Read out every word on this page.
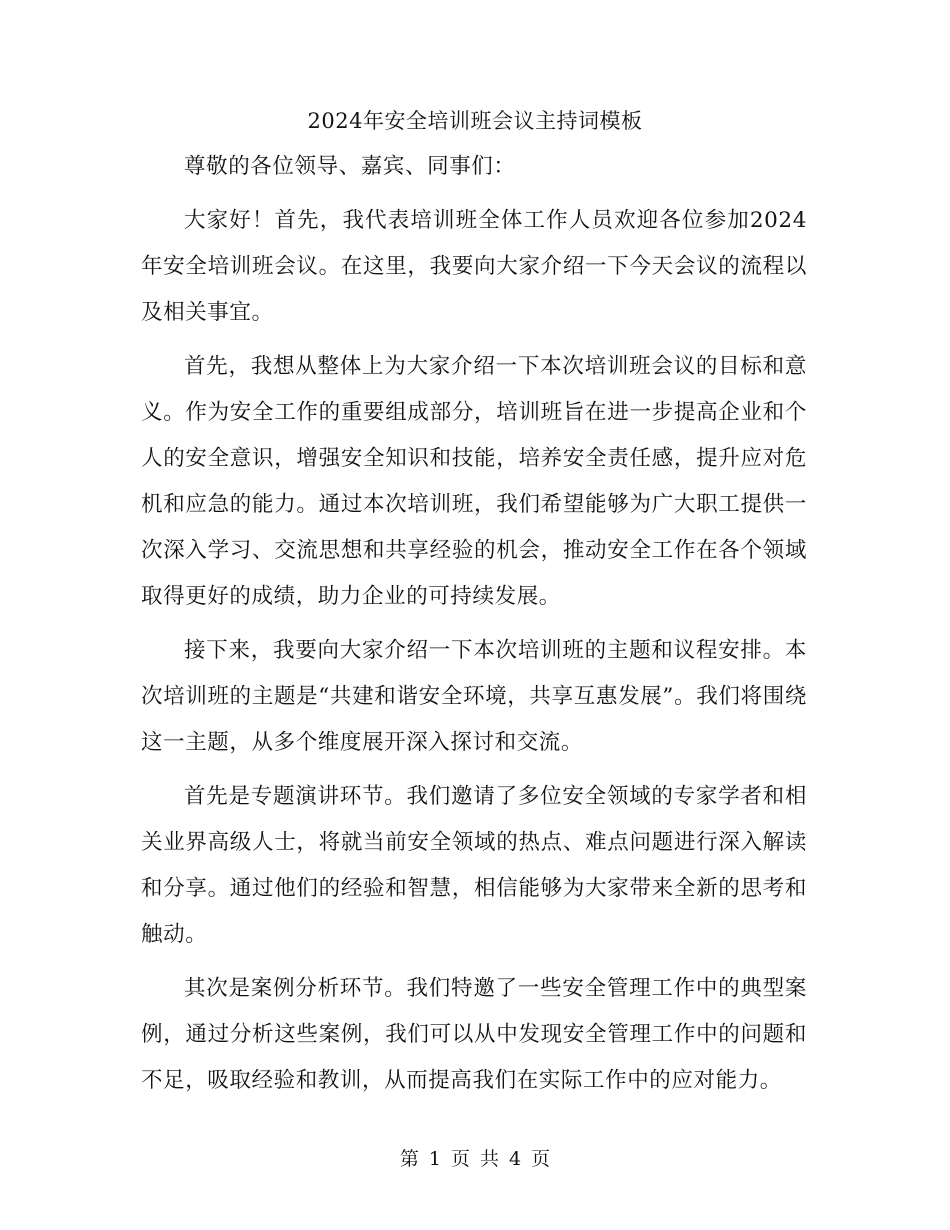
2024年安全培训班会议主持词模板

尊敬的各位领导、嘉宾、同事们：

大家好！首先，我代表培训班全体工作人员欢迎各位参加2024年安全培训班会议。在这里，我要向大家介绍一下今天会议的流程以及相关事宜。

首先，我想从整体上为大家介绍一下本次培训班会议的目标和意义。作为安全工作的重要组成部分，培训班旨在进一步提高企业和个人的安全意识，增强安全知识和技能，培养安全责任感，提升应对危机和应急的能力。通过本次培训班，我们希望能够为广大职工提供一次深入学习、交流思想和共享经验的机会，推动安全工作在各个领域取得更好的成绩，助力企业的可持续发展。

接下来，我要向大家介绍一下本次培训班的主题和议程安排。本次培训班的主题是“共建和谐安全环境，共享互惠发展”。我们将围绕这一主题，从多个维度展开深入探讨和交流。

首先是专题演讲环节。我们邀请了多位安全领域的专家学者和相关业界高级人士，将就当前安全领域的热点、难点问题进行深入解读和分享。通过他们的经验和智慧，相信能够为大家带来全新的思考和触动。

其次是案例分析环节。我们特邀了一些安全管理工作中的典型案例，通过分析这些案例，我们可以从中发现安全管理工作中的问题和不足，吸取经验和教训，从而提高我们在实际工作中的应对能力。

第 1 页 共 4 页
